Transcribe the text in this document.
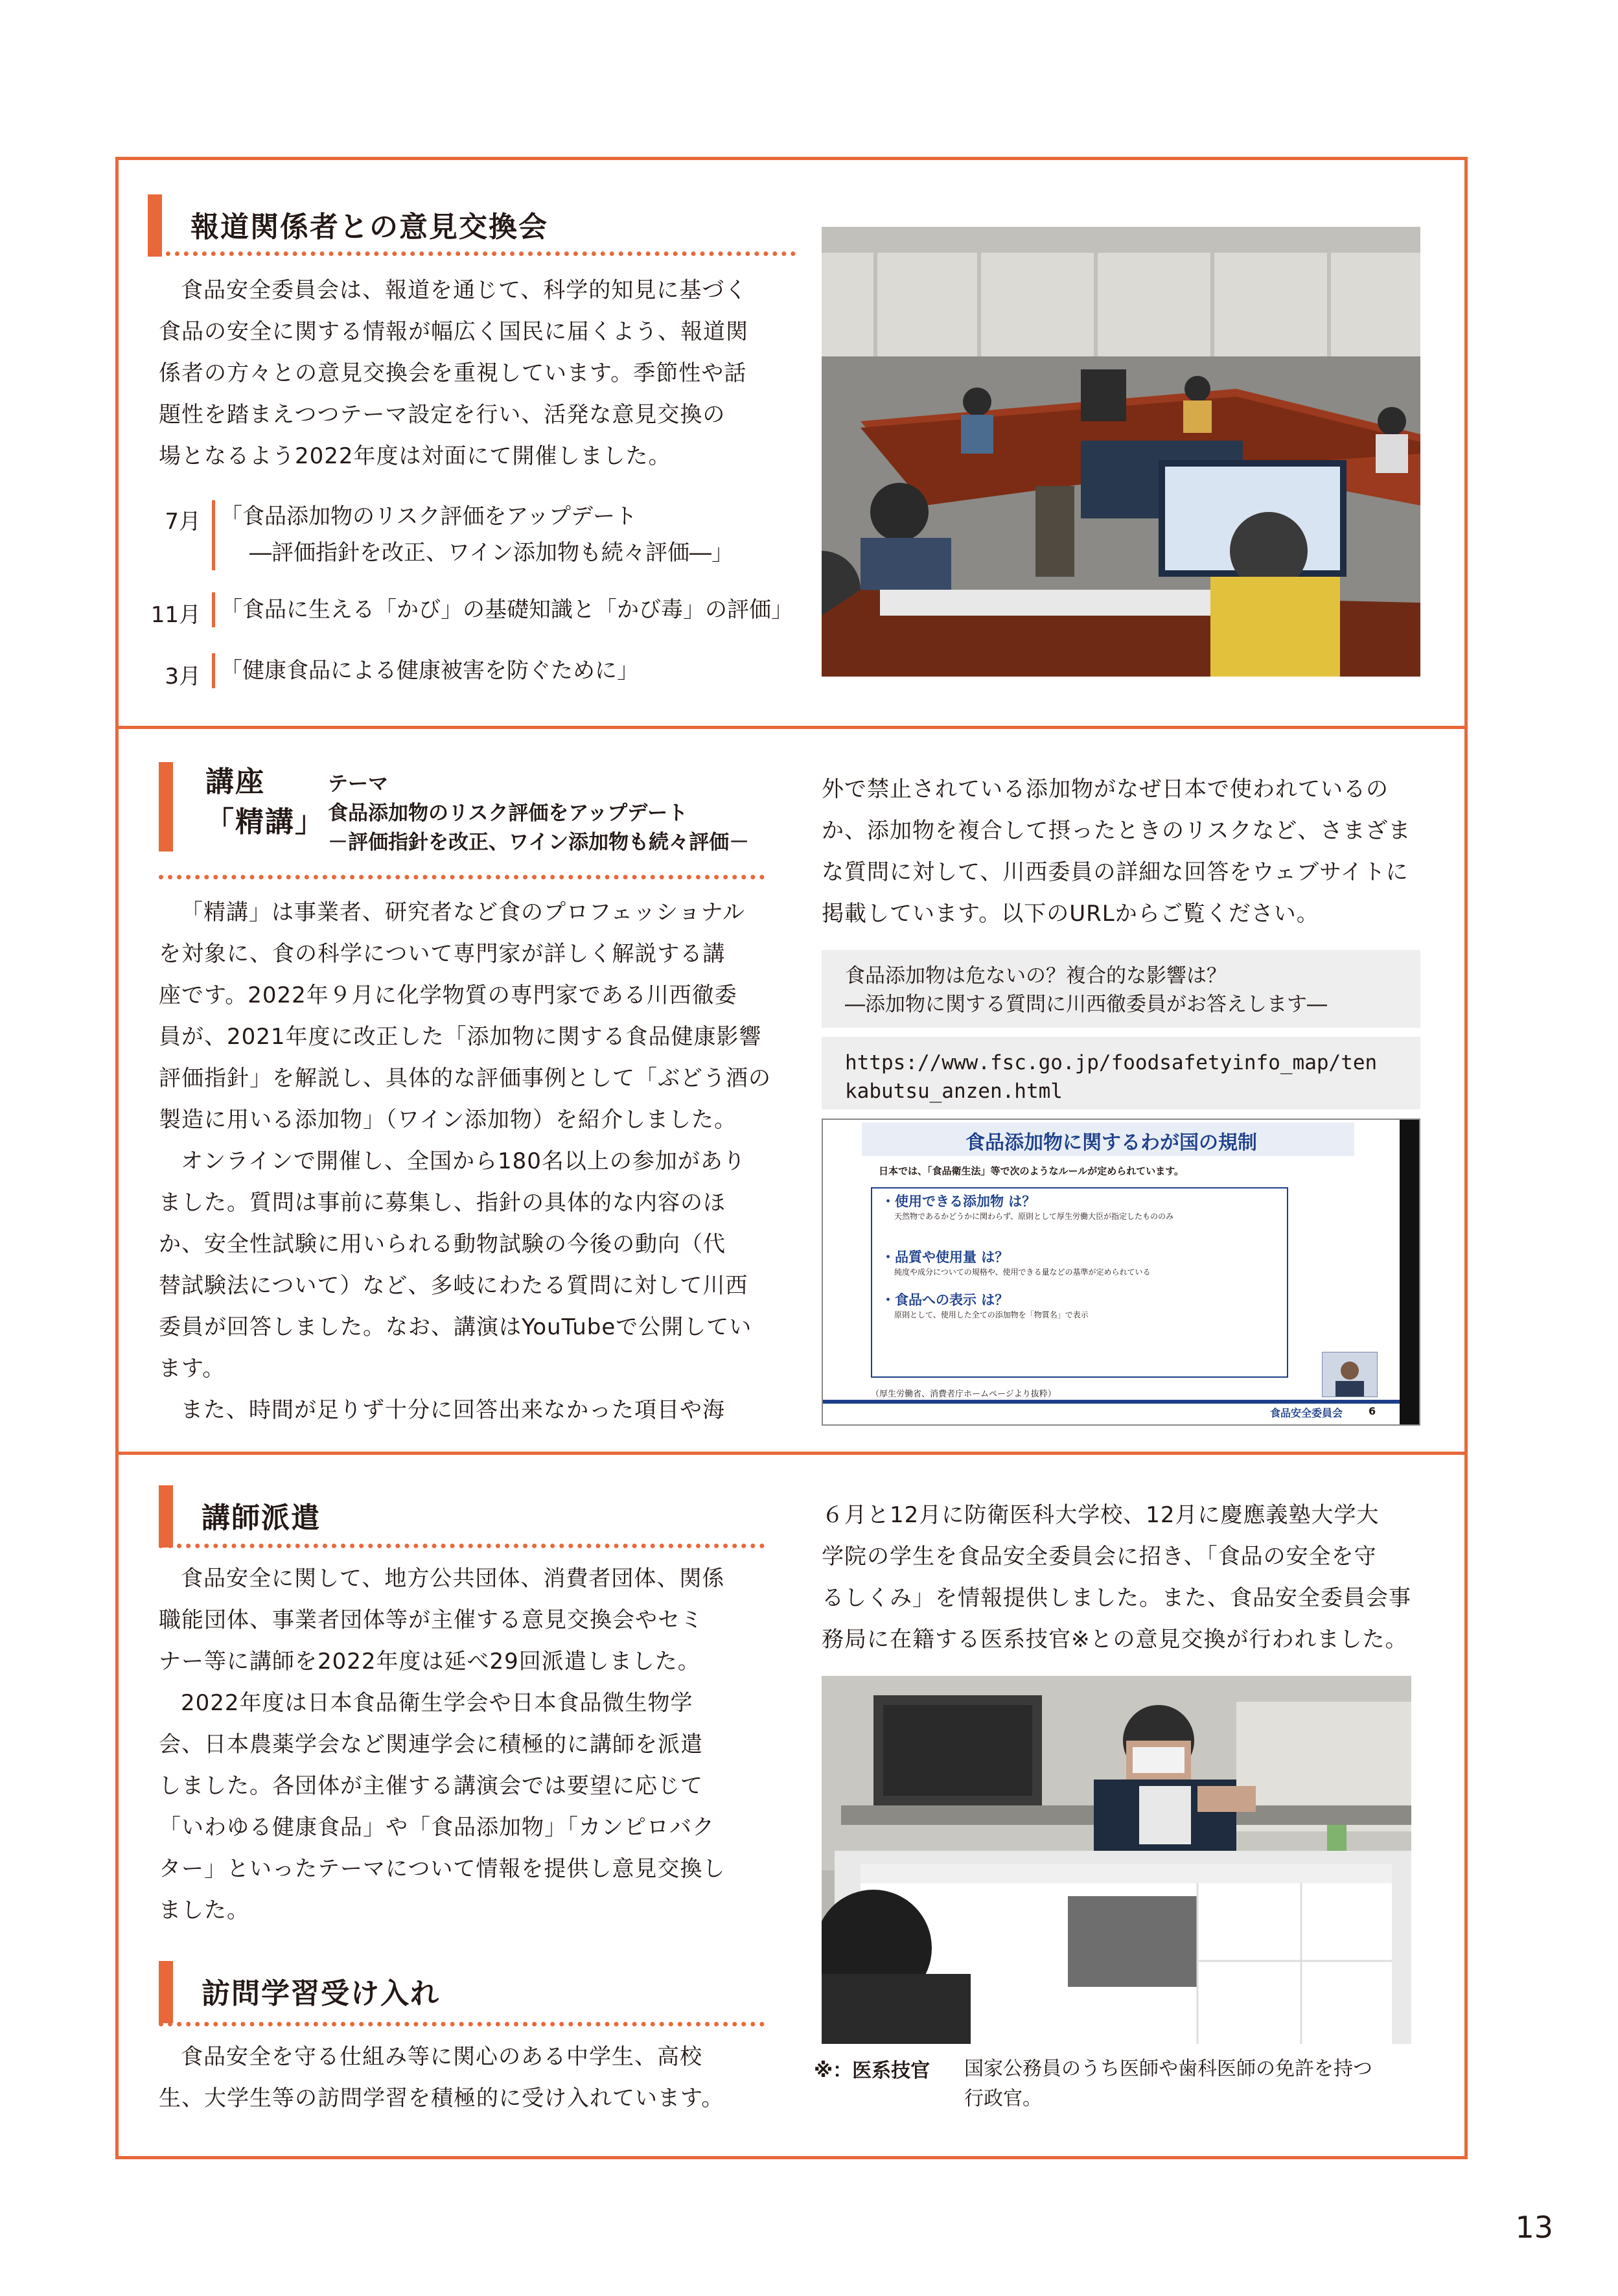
報道関係者との意見交換会

食品安全委員会は、報道を通じて、科学的知見に基づく

食品の安全に関する情報が幅広く国民に届くよう、報道関
係者の方々との意見交換会を重視しています。季節性や話
題性を踏まえつつテーマ設定を行い、活発な意見交換の
場となるよう2022年度は対面にて開催しました。

7月 「食品添加物のリスク評価をアップデート
―評価指針を改正、ワイン添加物も続々評価―」
11月 「食品に生える「かび」の基礎知識と「かび毒」の評価」
3月 「健康食品による健康被害を防ぐために」
講座
「精講」
テーマ
食品添加物のリスク評価をアップデート
－評価指針を改正、ワイン添加物も続々評価－

「精講」は事業者、研究者など食のプロフェッショナル

を対象に、食の科学について専門家が詳しく解説する講
座です。2022年９月に化学物質の専門家である川西徹委
員が、2021年度に改正した「添加物に関する食品健康影響
評価指針」を解説し、具体的な評価事例として「ぶどう酒の
製造に用いる添加物」（ワイン添加物）を紹介しました。

オンラインで開催し、全国から180名以上の参加があり

ました。質問は事前に募集し、指針の具体的な内容のほ
か、安全性試験に用いられる動物試験の今後の動向（代
替試験法について）など、多岐にわたる質問に対して川西
委員が回答しました。なお、講演はYouTubeで公開してい
ます。

また、時間が足りず十分に回答出来なかった項目や海

外で禁止されている添加物がなぜ日本で使われているの
か、添加物を複合して摂ったときのリスクなど、さまざま
な質問に対して、川西委員の詳細な回答をウェブサイトに
掲載しています。以下のURLからご覧ください。

食品添加物は危ないの？複合的な影響は？
―添加物に関する質問に川西徹委員がお答えします―
https://www.fsc.go.jp/foodsafetyinfo_map/ten
kabutsu_anzen.html
食品添加物に関するわが国の規制
日本では、「食品衛生法」等で次のようなルールが定められています。
・使用できる添加物 は？
天然物であるかどうかに関わらず、原則として厚生労働大臣が指定したもののみ
・品質や使用量 は？
純度や成分についての規格や、使用できる量などの基準が定められている
・食品への表示 は？
原則として、使用した全ての添加物を「物質名」で表示
（厚生労働省、消費者庁ホームページより抜粋）
食品安全委員会 6
講師派遣

食品安全に関して、地方公共団体、消費者団体、関係

職能団体、事業者団体等が主催する意見交換会やセミ
ナー等に講師を2022年度は延べ29回派遣しました。

2022年度は日本食品衛生学会や日本食品微生物学

会、日本農薬学会など関連学会に積極的に講師を派遣
しました。各団体が主催する講演会では要望に応じて
「いわゆる健康食品」や「食品添加物」「カンピロバク
ター」といったテーマについて情報を提供し意見交換し
ました。

訪問学習受け入れ

食品安全を守る仕組み等に関心のある中学生、高校

生、大学生等の訪問学習を積極的に受け入れています。

６月と12月に防衛医科大学校、12月に慶應義塾大学大
学院の学生を食品安全委員会に招き、「食品の安全を守
るしくみ」を情報提供しました。また、食品安全委員会事
務局に在籍する医系技官※との意見交換が行われました。

※：医系技官 国家公務員のうち医師や歯科医師の免許を持つ
行政官。
13
